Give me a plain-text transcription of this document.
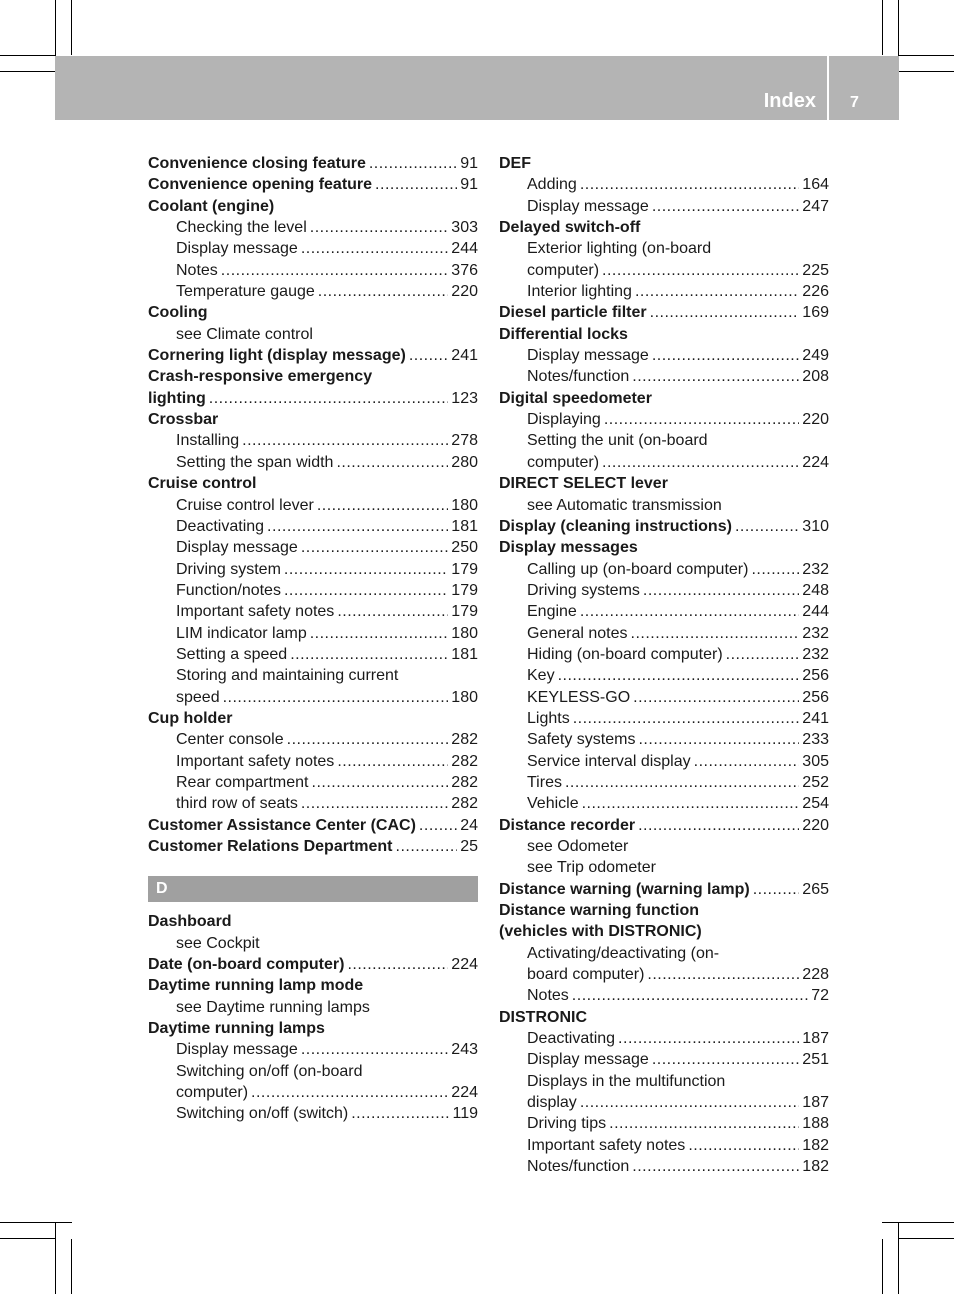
Index 7
Convenience closing feature .....	91
Convenience opening feature .....	91
Coolant (engine)
Checking the level .....	303
Display message .....	244
Notes .....	376
Temperature gauge .....	220
Cooling
see Climate control
Cornering light (display message) .....	241
Crash-responsive emergency
lighting .....	123
Crossbar
Installing .....	278
Setting the span width .....	280
Cruise control
Cruise control lever .....	180
Deactivating .....	181
Display message .....	250
Driving system .....	179
Function/notes .....	179
Important safety notes .....	179
LIM indicator lamp .....	180
Setting a speed .....	181
Storing and maintaining current
speed .....	180
Cup holder
Center console .....	282
Important safety notes .....	282
Rear compartment .....	282
third row of seats .....	282
Customer Assistance Center (CAC) .....	24
Customer Relations Department .....	25
D
Dashboard
see Cockpit
Date (on-board computer) .....	224
Daytime running lamp mode
see Daytime running lamps
Daytime running lamps
Display message .....	243
Switching on/off (on-board
computer) .....	224
Switching on/off (switch) .....	119
DEF
Adding .....	164
Display message .....	247
Delayed switch-off
Exterior lighting (on-board
computer) .....	225
Interior lighting .....	226
Diesel particle filter .....	169
Differential locks
Display message .....	249
Notes/function .....	208
Digital speedometer
Displaying .....	220
Setting the unit (on-board
computer) .....	224
DIRECT SELECT lever
see Automatic transmission
Display (cleaning instructions) .....	310
Display messages
Calling up (on-board computer) .....	232
Driving systems .....	248
Engine .....	244
General notes .....	232
Hiding (on-board computer) .....	232
Key .....	256
KEYLESS-GO .....	256
Lights .....	241
Safety systems .....	233
Service interval display .....	305
Tires .....	252
Vehicle .....	254
Distance recorder .....	220
see Odometer
see Trip odometer
Distance warning (warning lamp) .....	265
Distance warning function
(vehicles with DISTRONIC)
Activating/deactivating (on-
board computer) .....	228
Notes .....	72
DISTRONIC
Deactivating .....	187
Display message .....	251
Displays in the multifunction
display .....	187
Driving tips .....	188
Important safety notes .....	182
Notes/function .....	182
